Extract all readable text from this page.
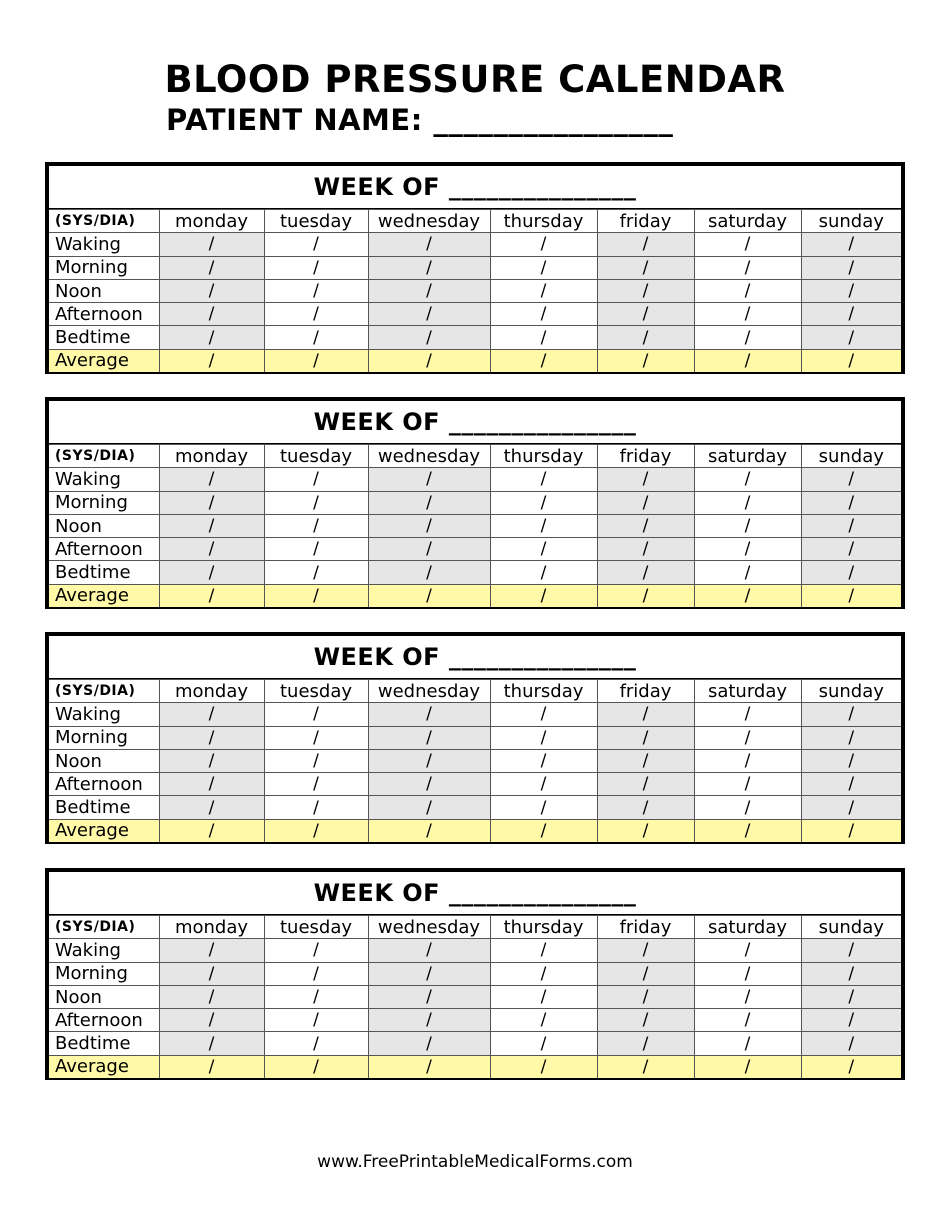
BLOOD PRESSURE CALENDAR
PATIENT NAME: ________________
WEEK OF _______________
(SYS/DIA)	monday	tuesday	wednesday	thursday	friday	saturday	sunday
Waking	/	/	/	/	/	/	/
Morning	/	/	/	/	/	/	/
Noon	/	/	/	/	/	/	/
Afternoon	/	/	/	/	/	/	/
Bedtime	/	/	/	/	/	/	/
Average	/	/	/	/	/	/	/
WEEK OF _______________
(SYS/DIA)	monday	tuesday	wednesday	thursday	friday	saturday	sunday
Waking	/	/	/	/	/	/	/
Morning	/	/	/	/	/	/	/
Noon	/	/	/	/	/	/	/
Afternoon	/	/	/	/	/	/	/
Bedtime	/	/	/	/	/	/	/
Average	/	/	/	/	/	/	/
WEEK OF _______________
(SYS/DIA)	monday	tuesday	wednesday	thursday	friday	saturday	sunday
Waking	/	/	/	/	/	/	/
Morning	/	/	/	/	/	/	/
Noon	/	/	/	/	/	/	/
Afternoon	/	/	/	/	/	/	/
Bedtime	/	/	/	/	/	/	/
Average	/	/	/	/	/	/	/
WEEK OF _______________
(SYS/DIA)	monday	tuesday	wednesday	thursday	friday	saturday	sunday
Waking	/	/	/	/	/	/	/
Morning	/	/	/	/	/	/	/
Noon	/	/	/	/	/	/	/
Afternoon	/	/	/	/	/	/	/
Bedtime	/	/	/	/	/	/	/
Average	/	/	/	/	/	/	/
www.FreePrintableMedicalForms.com
